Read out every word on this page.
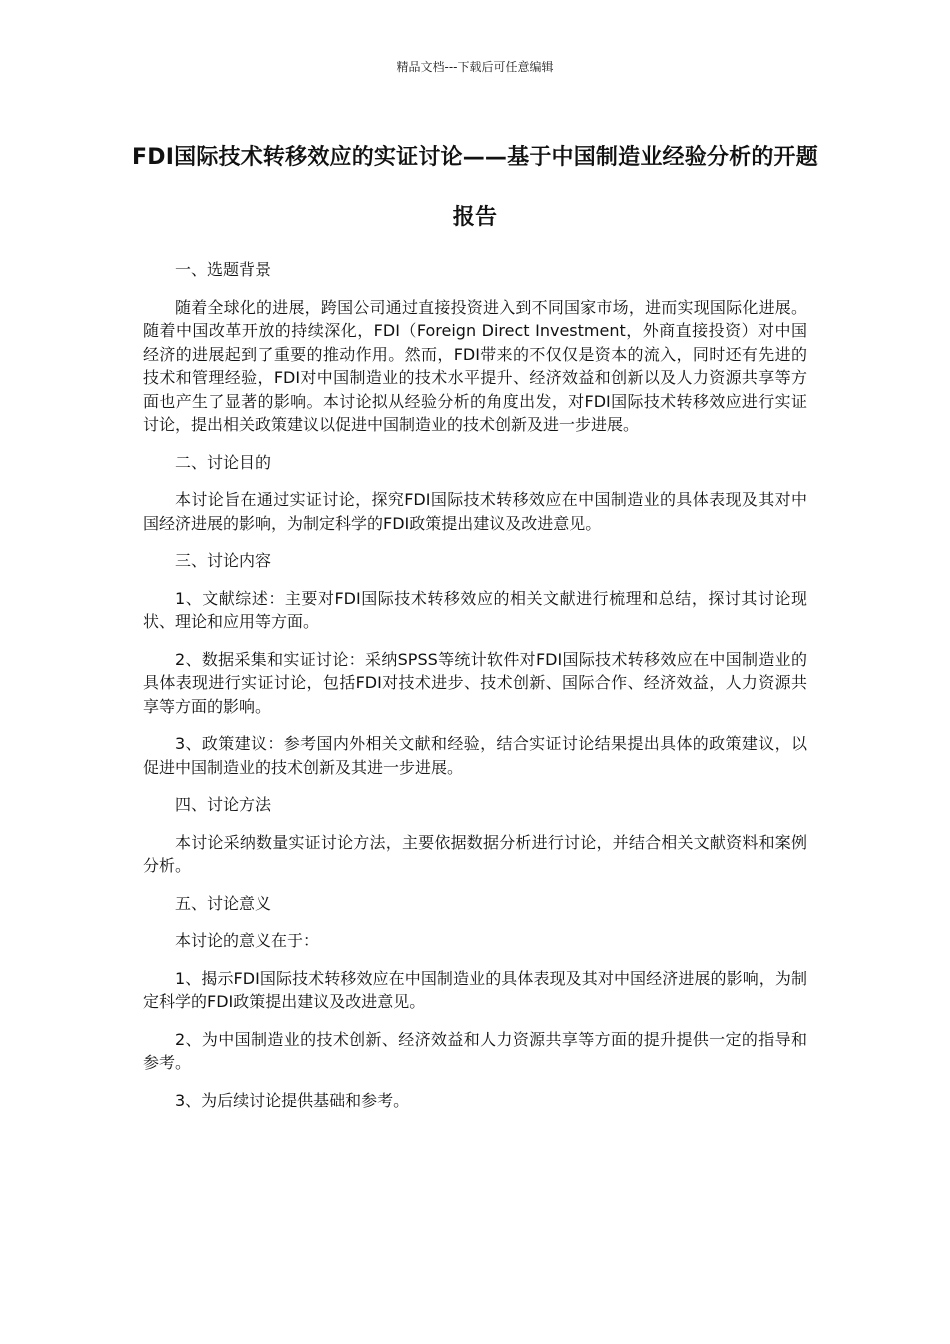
精品文档---下载后可任意编辑
FDI国际技术转移效应的实证讨论——基于中国制造业经验分析的开题报告

一、选题背景

随着全球化的进展，跨国公司通过直接投资进入到不同国家市场，进而实现国际化进展。随着中国改革开放的持续深化，FDI（Foreign Direct Investment，外商直接投资）对中国经济的进展起到了重要的推动作用。然而，FDI带来的不仅仅是资本的流入，同时还有先进的技术和管理经验，FDI对中国制造业的技术水平提升、经济效益和创新以及人力资源共享等方面也产生了显著的影响。本讨论拟从经验分析的角度出发，对FDI国际技术转移效应进行实证讨论，提出相关政策建议以促进中国制造业的技术创新及进一步进展。

二、讨论目的

本讨论旨在通过实证讨论，探究FDI国际技术转移效应在中国制造业的具体表现及其对中国经济进展的影响，为制定科学的FDI政策提出建议及改进意见。

三、讨论内容

1、文献综述：主要对FDI国际技术转移效应的相关文献进行梳理和总结，探讨其讨论现状、理论和应用等方面。

2、数据采集和实证讨论：采纳SPSS等统计软件对FDI国际技术转移效应在中国制造业的具体表现进行实证讨论，包括FDI对技术进步、技术创新、国际合作、经济效益，人力资源共享等方面的影响。

3、政策建议：参考国内外相关文献和经验，结合实证讨论结果提出具体的政策建议，以促进中国制造业的技术创新及其进一步进展。

四、讨论方法

本讨论采纳数量实证讨论方法，主要依据数据分析进行讨论，并结合相关文献资料和案例分析。

五、讨论意义

本讨论的意义在于：

1、揭示FDI国际技术转移效应在中国制造业的具体表现及其对中国经济进展的影响，为制定科学的FDI政策提出建议及改进意见。

2、为中国制造业的技术创新、经济效益和人力资源共享等方面的提升提供一定的指导和参考。

3、为后续讨论提供基础和参考。
